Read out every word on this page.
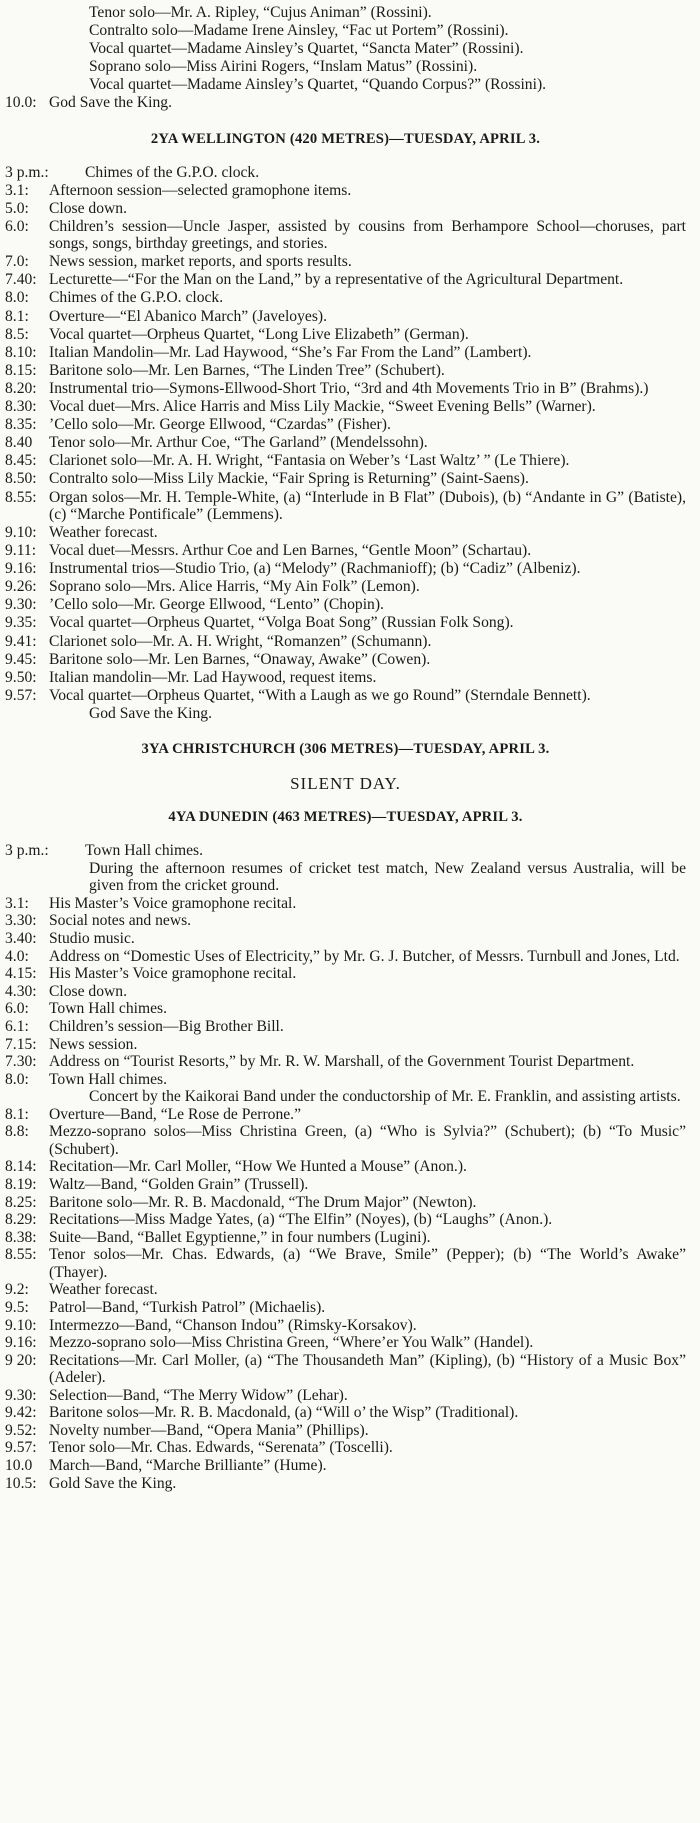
Tenor solo—Mr. A. Ripley, “Cujus Animan” (Rossini).
Contralto solo—Madame Irene Ainsley, “Fac ut Portem” (Rossini).
Vocal quartet—Madame Ainsley’s Quartet, “Sancta Mater” (Rossini).
Soprano solo—Miss Airini Rogers, “Inslam Matus” (Rossini).
Vocal quartet—Madame Ainsley’s Quartet, “Quando Corpus?” (Rossini).
10.0: God Save the King.
2YA WELLINGTON (420 METRES)—TUESDAY, APRIL 3.
3 p.m.:	Chimes of the G.P.O. clock.
3.1:	Afternoon session—selected gramophone items.
5.0:	Close down.
6.0:	Children’s session—Uncle Jasper, assisted by cousins from Berhampore School—choruses, part songs, songs, birthday greetings, and stories.
7.0:	News session, market reports, and sports results.
7.40: Lecturette—“For the Man on the Land,” by a representative of the Agricultural Department.
8.0:	Chimes of the G.P.O. clock.
8.1:	Overture—“El Abanico March” (Javeloyes).
8.5:	Vocal quartet—Orpheus Quartet, “Long Live Elizabeth” (German).
8.10: Italian Mandolin—Mr. Lad Haywood, “She’s Far From the Land” (Lambert).
8.15: Baritone solo—Mr. Len Barnes, “The Linden Tree” (Schubert).
8.20: Instrumental trio—Symons-Ellwood-Short Trio, “3rd and 4th Movements Trio in B” (Brahms).)
8.30: Vocal duet—Mrs. Alice Harris and Miss Lily Mackie, “Sweet Evening Bells” (Warner).
8.35: ’Cello solo—Mr. George Ellwood, “Czardas” (Fisher).
8.40	Tenor solo—Mr. Arthur Coe, “The Garland” (Mendelssohn).
8.45: Clarionet solo—Mr. A. H. Wright, “Fantasia on Weber’s ‘Last Waltz’ ” (Le Thiere).
8.50: Contralto solo—Miss Lily Mackie, “Fair Spring is Returning” (Saint-Saens).
8.55: Organ solos—Mr. H. Temple-White, (a) “Interlude in B Flat” (Dubois), (b) “Andante in G” (Batiste), (c) “Marche Pontificale” (Lemmens).
9.10: Weather forecast.
9.11: Vocal duet—Messrs. Arthur Coe and Len Barnes, “Gentle Moon” (Schartau).
9.16: Instrumental trios—Studio Trio, (a) “Melody” (Rachmanioff); (b) “Cadiz” (Albeniz).
9.26: Soprano solo—Mrs. Alice Harris, “My Ain Folk” (Lemon).
9.30: ’Cello solo—Mr. George Ellwood, “Lento” (Chopin).
9.35: Vocal quartet—Orpheus Quartet, “Volga Boat Song” (Russian Folk Song).
9.41: Clarionet solo—Mr. A. H. Wright, “Romanzen” (Schumann).
9.45: Baritone solo—Mr. Len Barnes, “Onaway, Awake” (Cowen).
9.50: Italian mandolin—Mr. Lad Haywood, request items.
9.57: Vocal quartet—Orpheus Quartet, “With a Laugh as we go Round” (Sterndale Bennett).
God Save the King.
3YA CHRISTCHURCH (306 METRES)—TUESDAY, APRIL 3.
SILENT DAY.
4YA DUNEDIN (463 METRES)—TUESDAY, APRIL 3.
3 p.m.:	Town Hall chimes.
During the afternoon resumes of cricket test match, New Zealand versus Australia, will be given from the cricket ground.
3.1:	His Master’s Voice gramophone recital.
3.30: Social notes and news.
3.40: Studio music.
4.0:	Address on “Domestic Uses of Electricity,” by Mr. G. J. Butcher, of Messrs. Turnbull and Jones, Ltd.
4.15: His Master’s Voice gramophone recital.
4.30: Close down.
6.0:	Town Hall chimes.
6.1:	Children’s session—Big Brother Bill.
7.15: News session.
7.30: Address on “Tourist Resorts,” by Mr. R. W. Marshall, of the Government Tourist Department.
8.0:	Town Hall chimes.
Concert by the Kaikorai Band under the conductorship of Mr. E. Franklin, and assisting artists.
8.1:	Overture—Band, “Le Rose de Perrone.”
8.8:	Mezzo-soprano solos—Miss Christina Green, (a) “Who is Sylvia?” (Schubert); (b) “To Music” (Schubert).
8.14: Recitation—Mr. Carl Moller, “How We Hunted a Mouse” (Anon.).
8.19: Waltz—Band, “Golden Grain” (Trussell).
8.25: Baritone solo—Mr. R. B. Macdonald, “The Drum Major” (Newton).
8.29: Recitations—Miss Madge Yates, (a) “The Elfin” (Noyes), (b) “Laughs” (Anon.).
8.38: Suite—Band, “Ballet Egyptienne,” in four numbers (Lugini).
8.55: Tenor solos—Mr. Chas. Edwards, (a) “We Brave, Smile” (Pepper); (b) “The World’s Awake” (Thayer).
9.2:	Weather forecast.
9.5:	Patrol—Band, “Turkish Patrol” (Michaelis).
9.10: Intermezzo—Band, “Chanson Indou” (Rimsky-Korsakov).
9.16: Mezzo-soprano solo—Miss Christina Green, “Where’er You Walk” (Handel).
9 20: Recitations—Mr. Carl Moller, (a) “The Thousandeth Man” (Kipling), (b) “History of a Music Box” (Adeler).
9.30: Selection—Band, “The Merry Widow” (Lehar).
9.42: Baritone solos—Mr. R. B. Macdonald, (a) “Will o’ the Wisp” (Traditional).
9.52: Novelty number—Band, “Opera Mania” (Phillips).
9.57: Tenor solo—Mr. Chas. Edwards, “Serenata” (Toscelli).
10.0	March—Band, “Marche Brilliante” (Hume).
10.5: Gold Save the King.
